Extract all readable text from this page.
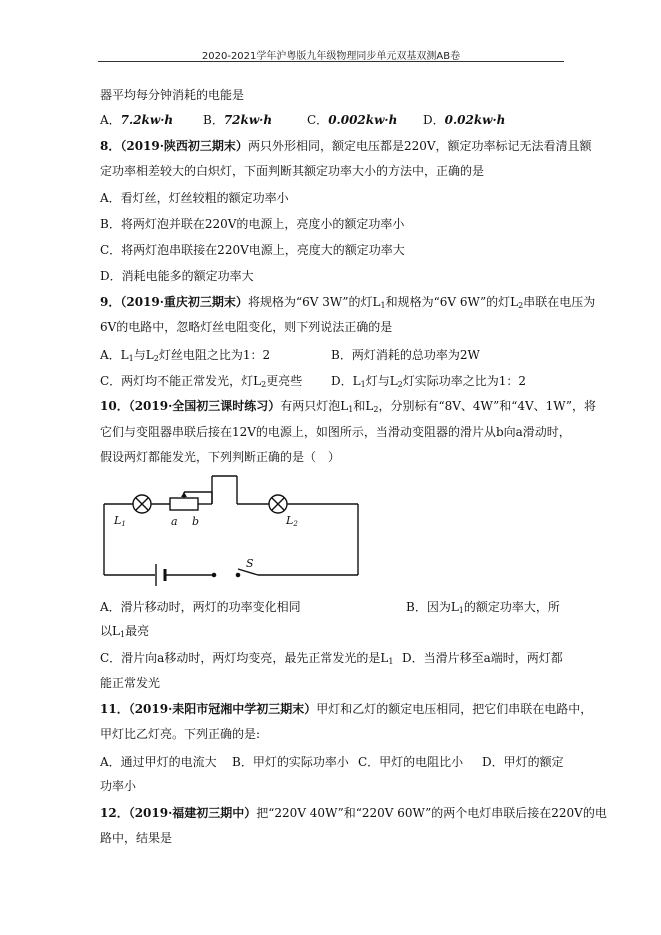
2020-2021学年沪粤版九年级物理同步单元双基双测AB卷
器平均每分钟消耗的电能是
A．7.2kw·h B．72kw·h	C．0.002kw·h D．0.02kw·h
8．（2019·陕西初三期末）两只外形相同，额定电压都是220V，额定功率标记无法看清且额
定功率相差较大的白炽灯，下面判断其额定功率大小的方法中，正确的是
A．看灯丝，灯丝较粗的额定功率小
B．将两灯泡并联在220V的电源上，亮度小的额定功率小
C．将两灯泡串联接在220V电源上，亮度大的额定功率大
D．消耗电能多的额定功率大
9．（2019·重庆初三期末）将规格为“6V 3W”的灯$L_1$和规格为“6V 6W”的灯$L_2$串联在电压为
6V的电路中，忽略灯丝电阻变化，则下列说法正确的是
A．$L_1$与$L_2$灯丝电阻之比为1：2	B．两灯消耗的总功率为2W
C．两灯均不能正常发光，灯$L_2$更亮些 D．$L_1$灯与$L_2$灯实际功率之比为1：2
10．（2019·全国初三课时练习）有两只灯泡$L_1$和$L_2$，分别标有“8V、4W”和“4V、1W”，将
它们与变阻器串联后接在12V的电源上，如图所示，当滑动变阻器的滑片从b向a滑动时，
假设两灯都能发光，下列判断正确的是（　）
L1	a b	L2
S
A．滑片移动时，两灯的功率变化相同	B．因为$L_1$的额定功率大，所
以$L_1$最亮
C．滑片向a移动时，两灯均变亮，最先正常发光的是$L_1$ D．当滑片移至a端时，两灯都
能正常发光
11．（2019·耒阳市冠湘中学初三期末）甲灯和乙灯的额定电压相同，把它们串联在电路中，
甲灯比乙灯亮。下列正确的是:
A．通过甲灯的电流大 B．甲灯的实际功率小 C．甲灯的电阻比小 D．甲灯的额定
功率小
12．（2019·福建初三期中）把“220V 40W”和“220V 60W”的两个电灯串联后接在220V的电
路中，结果是
